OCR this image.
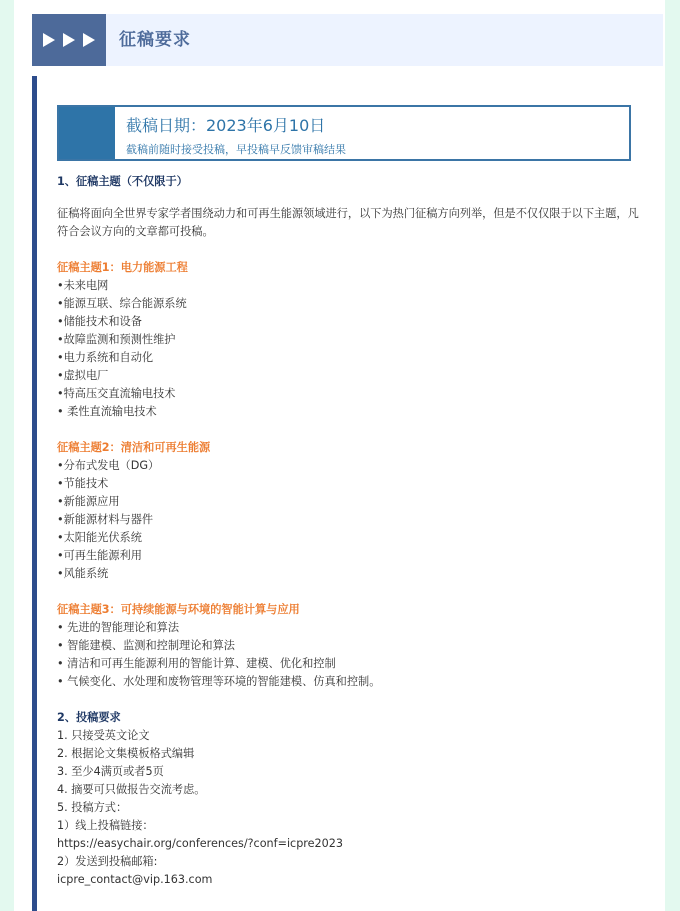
征稿要求
截稿日期：2023年6月10日
截稿前随时接受投稿，早投稿早反馈审稿结果

1、征稿主题（不仅限于）

征稿将面向全世界专家学者围绕动力和可再生能源领域进行，以下为热门征稿方向列举，但是不仅仅限于以下主题，凡符合会议方向的文章都可投稿。

征稿主题1：电力能源工程

•未来电网

•能源互联、综合能源系统

•储能技术和设备

•故障监测和预测性维护

•电力系统和自动化

•虚拟电厂

•特高压交直流输电技术

• 柔性直流输电技术

征稿主题2：清洁和可再生能源

•分布式发电（DG）

•节能技术

•新能源应用

•新能源材料与器件

•太阳能光伏系统

•可再生能源利用

•风能系统

征稿主题3：可持续能源与环境的智能计算与应用

• 先进的智能理论和算法

• 智能建模、监测和控制理论和算法

• 清洁和可再生能源利用的智能计算、建模、优化和控制

• 气候变化、水处理和废物管理等环境的智能建模、仿真和控制。

2、投稿要求

1. 只接受英文论文

2. 根据论文集模板格式编辑

3. 至少4满页或者5页

4. 摘要可只做报告交流考虑。

5. 投稿方式：

1）线上投稿链接：

https://easychair.org/conferences/?conf=icpre2023

2）发送到投稿邮箱:

icpre_contact@vip.163.com
